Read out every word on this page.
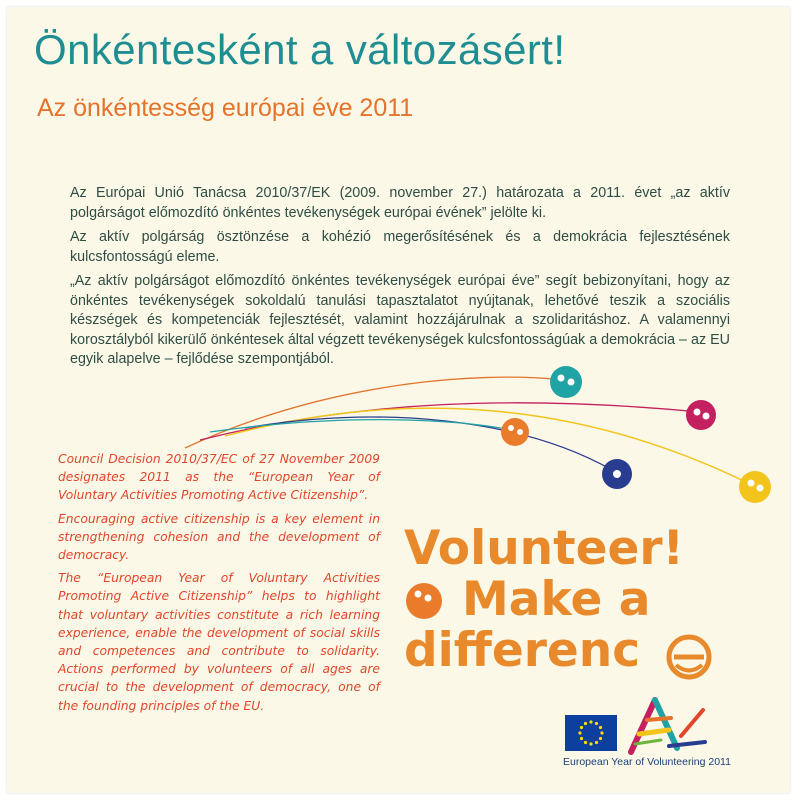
Önkéntesként a változásért!
Az önkéntesség európai éve 2011

Az Európai Unió Tanácsa 2010/37/EK (2009. november 27.) határozata a 2011. évet „az aktív polgárságot előmozdító önkéntes tevékenységek európai évének” jelölte ki.

Az aktív polgárság ösztönzése a kohézió megerősítésének és a demokrácia fejlesztésének kulcsfontosságú eleme.

„Az aktív polgárságot előmozdító önkéntes tevékenységek európai éve” segít bebizonyítani, hogy az önkéntes tevékenységek sokoldalú tanulási tapasztalatot nyújtanak, lehetővé teszik a szociális készségek és kompetenciák fejlesztését, valamint hozzájárulnak a szolidaritáshoz. A valamennyi korosztályból kikerülő önkéntesek által végzett tevékenységek kulcsfontosságúak a demokrácia – az EU egyik alapelve – fejlődése szempontjából.

Council Decision 2010/37/EC of 27 November 2009 designates 2011 as the “European Year of Voluntary Activities Promoting Active Citizenship”.

Encouraging active citizenship is a key element in strengthening cohesion and the development of democracy.

The “European Year of Voluntary Activities Promoting Active Citizenship” helps to highlight that voluntary activities constitute a rich learning experience, enable the development of social skills and competences and contribute to solidarity. Actions performed by volunteers of all ages are crucial to the development of democracy, one of the founding principles of the EU.

Volunteer!
Make a
differenc
European Year of Volunteering 2011
